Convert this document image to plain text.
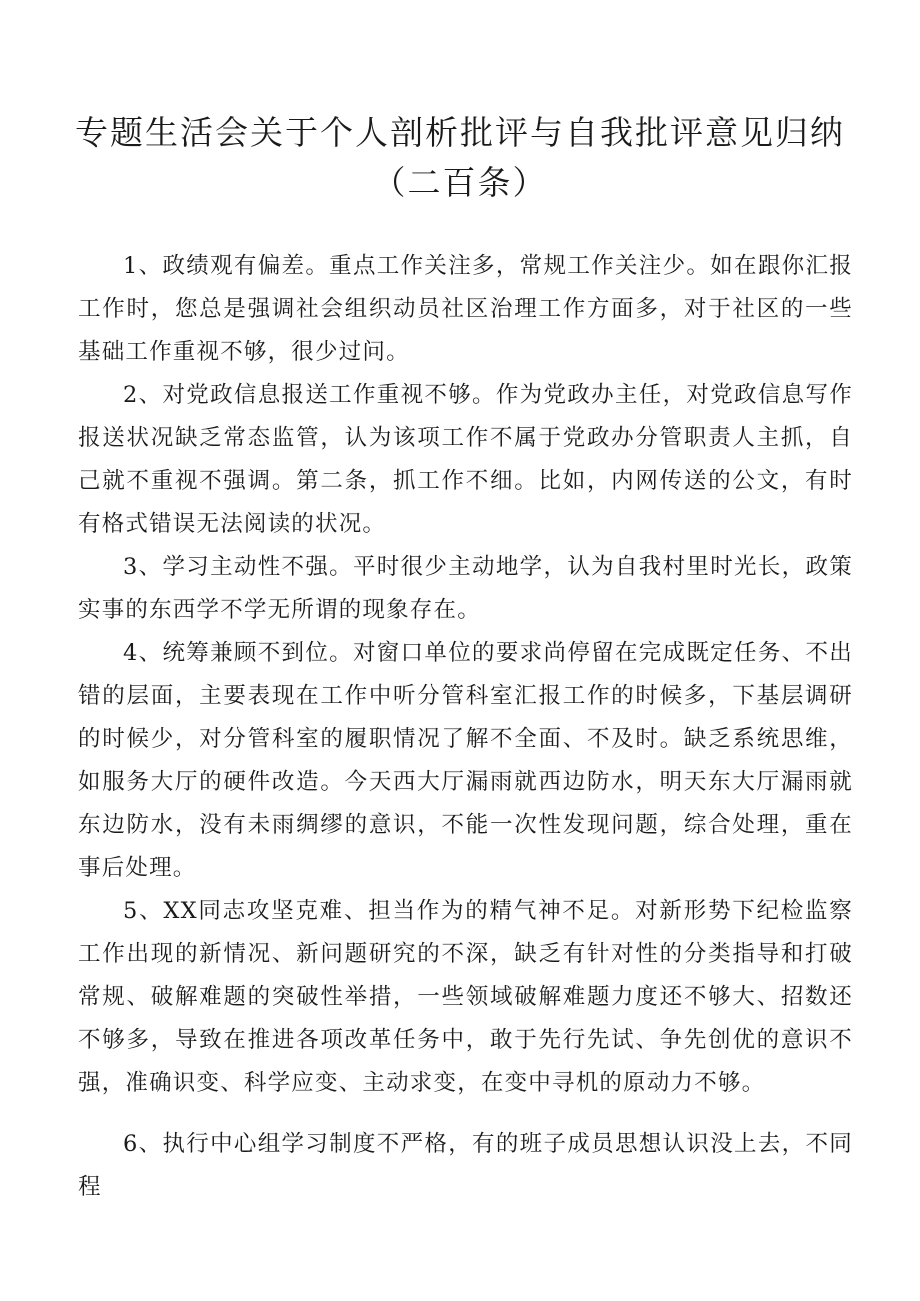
专题生活会关于个人剖析批评与自我批评意见归纳
（二百条）

1、政绩观有偏差。重点工作关注多，常规工作关注少。如在跟你汇报工作时，您总是强调社会组织动员社区治理工作方面多，对于社区的一些基础工作重视不够，很少过问。

2、对党政信息报送工作重视不够。作为党政办主任，对党政信息写作报送状况缺乏常态监管，认为该项工作不属于党政办分管职责人主抓，自己就不重视不强调。第二条，抓工作不细。比如，内网传送的公文，有时有格式错误无法阅读的状况。

3、学习主动性不强。平时很少主动地学，认为自我村里时光长，政策实事的东西学不学无所谓的现象存在。

4、统筹兼顾不到位。对窗口单位的要求尚停留在完成既定任务、不出错的层面，主要表现在工作中听分管科室汇报工作的时候多，下基层调研的时候少，对分管科室的履职情况了解不全面、不及时。缺乏系统思维，如服务大厅的硬件改造。今天西大厅漏雨就西边防水，明天东大厅漏雨就东边防水，没有未雨绸缪的意识，不能一次性发现问题，综合处理，重在事后处理。

5、XX同志攻坚克难、担当作为的精气神不足。对新形势下纪检监察工作出现的新情况、新问题研究的不深，缺乏有针对性的分类指导和打破常规、破解难题的突破性举措，一些领域破解难题力度还不够大、招数还不够多，导致在推进各项改革任务中，敢于先行先试、争先创优的意识不强，准确识变、科学应变、主动求变，在变中寻机的原动力不够。

6、执行中心组学习制度不严格，有的班子成员思想认识没上去，不同程
